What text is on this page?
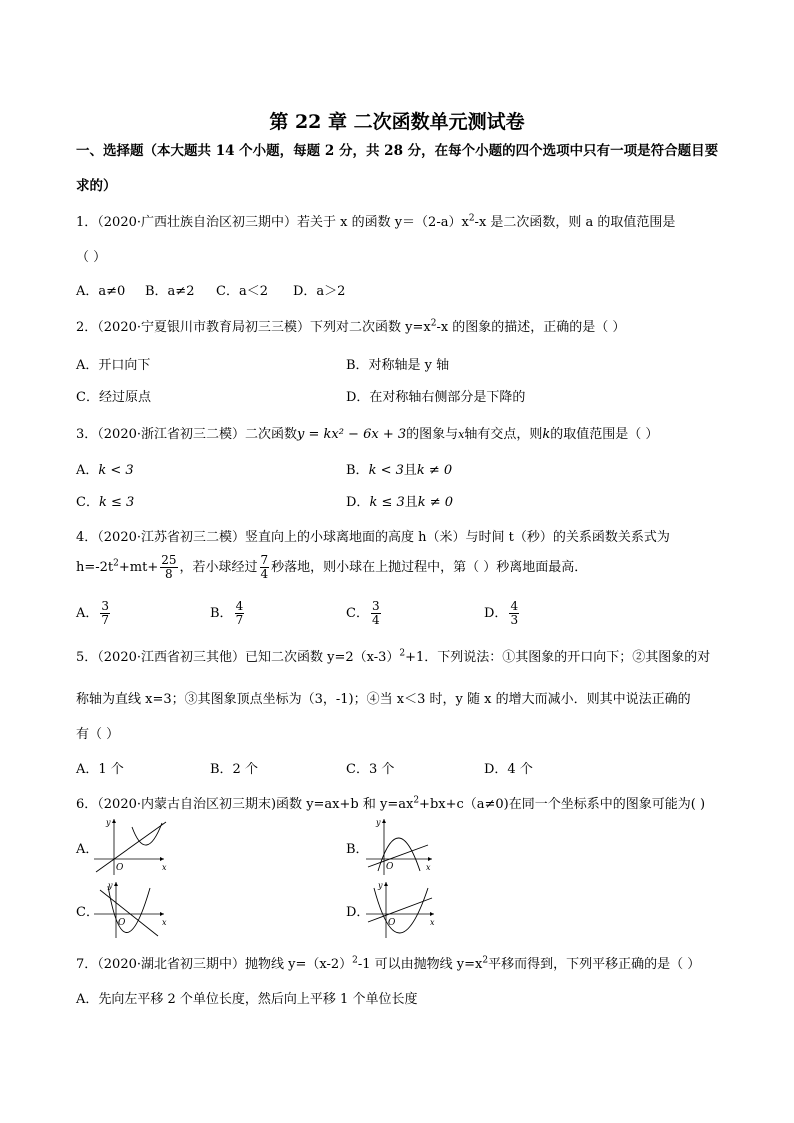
第 22 章 二次函数单元测试卷
一、选择题（本大题共 14 个小题，每题 2 分，共 28 分，在每个小题的四个选项中只有一项是符合题目要
求的）
1．（2020·广西壮族自治区初三期中）若关于 x 的函数 $y=(2-a)x^2-x$ 是二次函数，则 a 的取值范围是
（ ）
A．a≠0 B．a≠2 C．a＜2 D．a＞2
2．（2020·宁夏银川市教育局初三三模）下列对二次函数 $y=x^2-x$ 的图象的描述，正确的是（ ）
A．开口向下	B．对称轴是 y 轴
C．经过原点	D．在对称轴右侧部分是下降的
3．（2020·浙江省初三二模）二次函数y = kx² − 6x + 3的图象与x轴有交点，则k的取值范围是（ ）
A．k < 3	B．k < 3且k ≠ 0
C．k ≤ 3	D．k ≤ 3且k ≠ 0
4．（2020·江苏省初三二模）竖直向上的小球离地面的高度 h（米）与时间 t（秒）的关系函数关系式为
$h=-2t^2+mt+ \frac{25}{8}$ ，若小球经过 $\frac{7}{4}$ 秒落地，则小球在上抛过程中，第（ ）秒离地面最高．
A． $\frac{3}{7}$	B． $\frac{4}{7}$	C． $\frac{3}{4}$	D． $\frac{4}{3}$
5．（2020·江西省初三其他）已知二次函数 $y=2(x-3)^2+1$．下列说法：①其图象的开口向下；②其图象的对
称轴为直线 x=3；③其图象顶点坐标为（3，-1)；④当 x＜3 时，y 随 x 的增大而减小．则其中说法正确的
有（ ）
A．1 个	B．2 个	C．3 个	D．4 个
6．（2020·内蒙古自治区初三期末)函数 y=ax+b 和 $y=ax^2+bx+c(a\ne 0)$在同一个坐标系中的图象可能为( )
A．
O	x
y
B．
O	x
y
C．
O	x
y
D．
O	x
y
7．（2020·湖北省初三期中）抛物线 $y=(x-2)^2-1$ 可以由抛物线 $y=x^2$平移而得到，下列平移正确的是（ ）
A．先向左平移 2 个单位长度，然后向上平移 1 个单位长度
